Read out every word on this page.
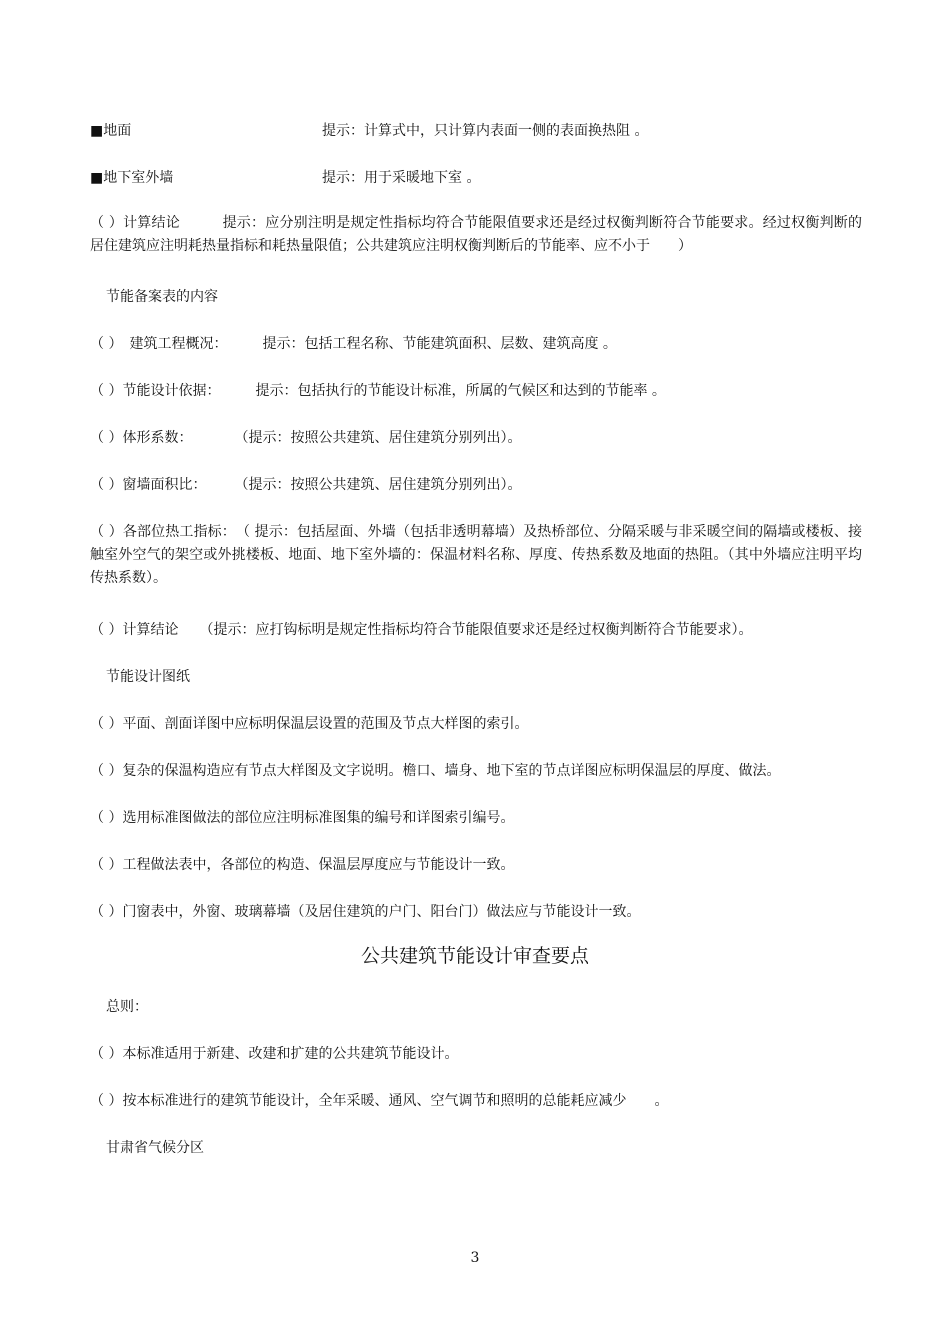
■地面	提示：计算式中，只计算内表面一侧的表面换热阻 。
■地下室外墙	提示：用于采暖地下室 。
（ ）计算结论　　　提示：应分别注明是规定性指标均符合节能限值要求还是经过权衡判断符合节能要求。经过权衡判断的居住建筑应注明耗热量指标和耗热量限值；公共建筑应注明权衡判断后的节能率、应不小于　　）
节能备案表的内容
（ ）　建筑工程概况：　　　提示：包括工程名称、节能建筑面积、层数、建筑高度 。
（ ）节能设计依据：　　　提示：包括执行的节能设计标准，所属的气候区和达到的节能率 。
（ ）体形系数：　　　　（提示：按照公共建筑、居住建筑分别列出）。
（ ）窗墙面积比：　　　（提示：按照公共建筑、居住建筑分别列出）。
（ ）各部位热工指标：　（ 提示：包括屋面、外墙（包括非透明幕墙）及热桥部位、分隔采暖与非采暖空间的隔墙或楼板、接触室外空气的架空或外挑楼板、地面、地下室外墙的：保温材料名称、厚度、传热系数及地面的热阻。（其中外墙应注明平均传热系数）。
（ ）计算结论　　（提示：应打钩标明是规定性指标均符合节能限值要求还是经过权衡判断符合节能要求）。
节能设计图纸
（ ）平面、剖面详图中应标明保温层设置的范围及节点大样图的索引。
（ ）复杂的保温构造应有节点大样图及文字说明。檐口、墙身、地下室的节点详图应标明保温层的厚度、做法。
（ ）选用标准图做法的部位应注明标准图集的编号和详图索引编号。
（ ）工程做法表中，各部位的构造、保温层厚度应与节能设计一致。
（ ）门窗表中，外窗、玻璃幕墙（及居住建筑的户门、阳台门）做法应与节能设计一致。
公共建筑节能设计审查要点
总则：
（ ）本标准适用于新建、改建和扩建的公共建筑节能设计。
（ ）按本标准进行的建筑节能设计，全年采暖、通风、空气调节和照明的总能耗应减少　　。
甘肃省气候分区
3
